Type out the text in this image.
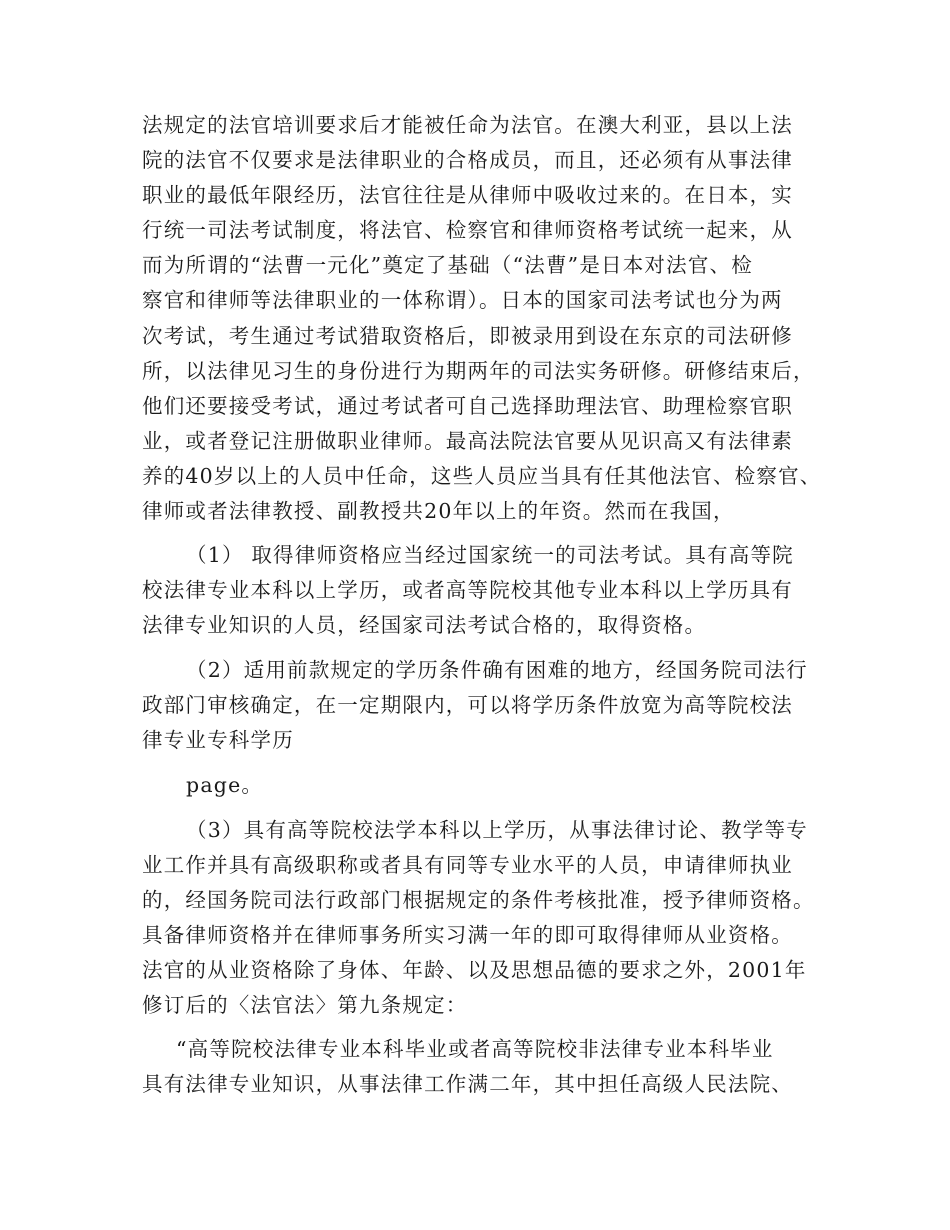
法规定的法官培训要求后才能被任命为法官。在澳大利亚，县以上法
院的法官不仅要求是法律职业的合格成员，而且，还必须有从事法律
职业的最低年限经历，法官往往是从律师中吸收过来的。在日本，实
行统一司法考试制度，将法官、检察官和律师资格考试统一起来，从
而为所谓的“法曹一元化”奠定了基础（“法曹”是日本对法官、检
察官和律师等法律职业的一体称谓）。日本的国家司法考试也分为两
次考试，考生通过考试猎取资格后，即被录用到设在东京的司法研修
所，以法律见习生的身份进行为期两年的司法实务研修。研修结束后，
他们还要接受考试，通过考试者可自己选择助理法官、助理检察官职
业，或者登记注册做职业律师。最高法院法官要从见识高又有法律素
养的40岁以上的人员中任命，这些人员应当具有任其他法官、检察官、
律师或者法律教授、副教授共20年以上的年资。然而在我国，
（1） 取得律师资格应当经过国家统一的司法考试。具有高等院
校法律专业本科以上学历，或者高等院校其他专业本科以上学历具有
法律专业知识的人员，经国家司法考试合格的，取得资格。
（2）适用前款规定的学历条件确有困难的地方，经国务院司法行
政部门审核确定，在一定期限内，可以将学历条件放宽为高等院校法
律专业专科学历
page。
（3）具有高等院校法学本科以上学历，从事法律讨论、教学等专
业工作并具有高级职称或者具有同等专业水平的人员，申请律师执业
的，经国务院司法行政部门根据规定的条件考核批准，授予律师资格。
具备律师资格并在律师事务所实习满一年的即可取得律师从业资格。
法官的从业资格除了身体、年龄、以及思想品德的要求之外，2001年
修订后的〈法官法〉第九条规定：
“高等院校法律专业本科毕业或者高等院校非法律专业本科毕业
具有法律专业知识，从事法律工作满二年，其中担任高级人民法院、
